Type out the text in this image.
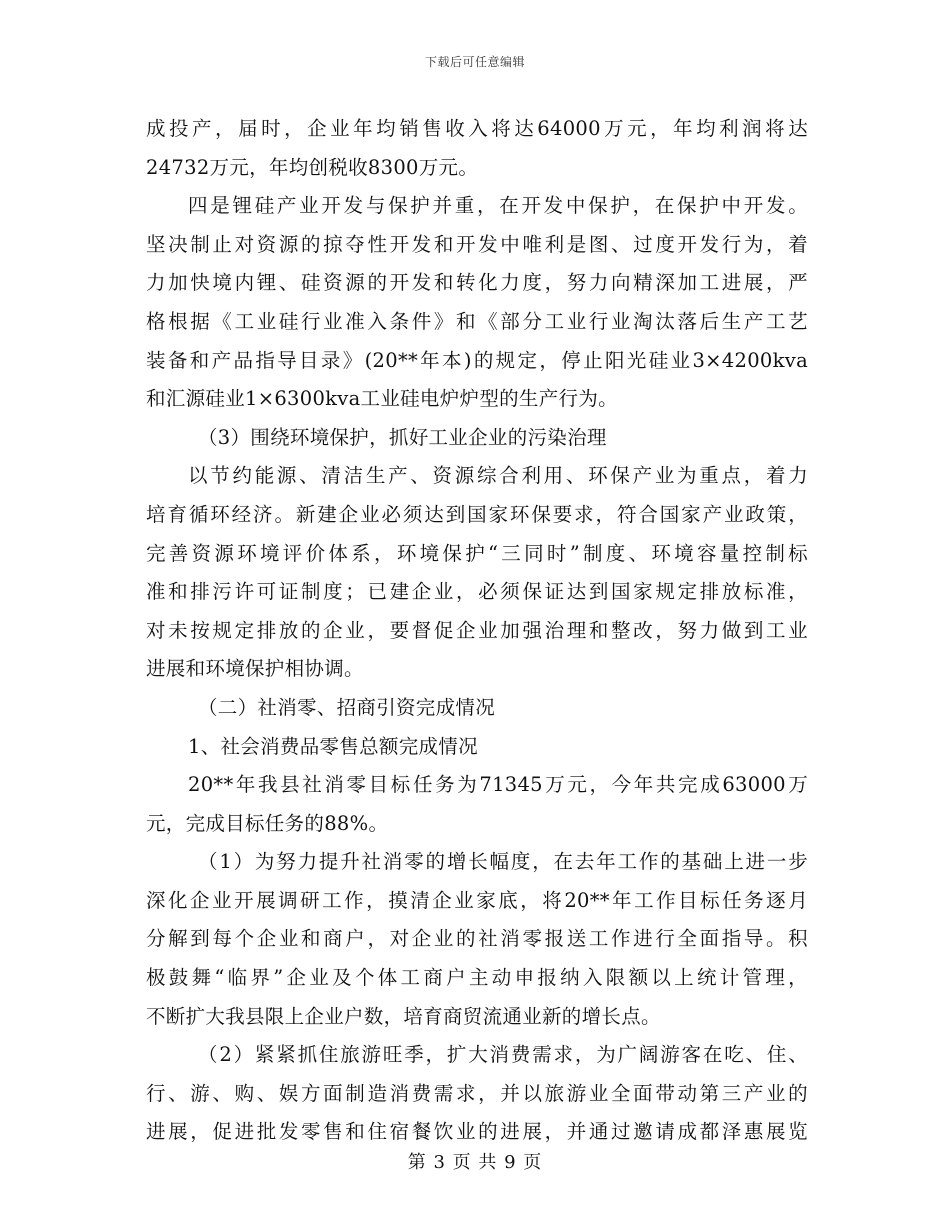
下载后可任意编辑
成投产，届时，企业年均销售收入将达64000万元，年均利润将达
24732万元，年均创税收8300万元。
四是锂硅产业开发与保护并重，在开发中保护，在保护中开发。
坚决制止对资源的掠夺性开发和开发中唯利是图、过度开发行为，着
力加快境内锂、硅资源的开发和转化力度，努力向精深加工进展，严
格根据《工业硅行业准入条件》和《部分工业行业淘汰落后生产工艺
装备和产品指导目录》(20**年本)的规定，停止阳光硅业3×4200kva
和汇源硅业1×6300kva工业硅电炉炉型的生产行为。
（3）围绕环境保护，抓好工业企业的污染治理
以节约能源、清洁生产、资源综合利用、环保产业为重点，着力
培育循环经济。新建企业必须达到国家环保要求，符合国家产业政策，
完善资源环境评价体系，环境保护“三同时”制度、环境容量控制标
准和排污许可证制度；已建企业，必须保证达到国家规定排放标准，
对未按规定排放的企业，要督促企业加强治理和整改，努力做到工业
进展和环境保护相协调。
（二）社消零、招商引资完成情况
1、社会消费品零售总额完成情况
20**年我县社消零目标任务为71345万元，今年共完成63000万
元，完成目标任务的88%。
（1）为努力提升社消零的增长幅度，在去年工作的基础上进一步
深化企业开展调研工作，摸清企业家底，将20**年工作目标任务逐月
分解到每个企业和商户，对企业的社消零报送工作进行全面指导。积
极鼓舞“临界”企业及个体工商户主动申报纳入限额以上统计管理，
不断扩大我县限上企业户数，培育商贸流通业新的增长点。
（2）紧紧抓住旅游旺季，扩大消费需求，为广阔游客在吃、住、
行、游、购、娱方面制造消费需求，并以旅游业全面带动第三产业的
进展，促进批发零售和住宿餐饮业的进展，并通过邀请成都泽惠展览
第 3 页 共 9 页
